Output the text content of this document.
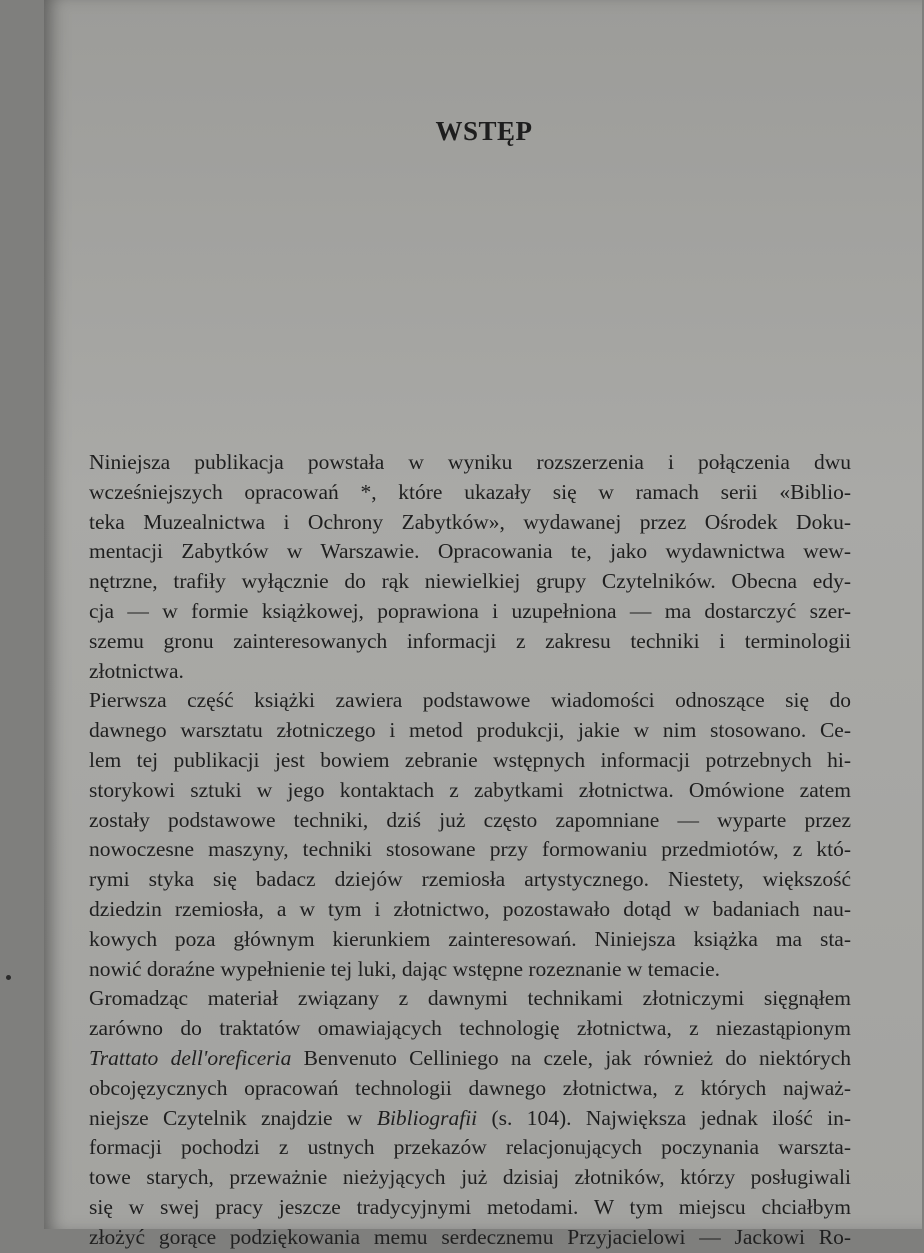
WSTĘP

Niniejsza publikacja powstała w wyniku rozszerzenia i połączenia dwu
wcześniejszych opracowań *, które ukazały się w ramach serii «Biblio-
teka Muzealnictwa i Ochrony Zabytków», wydawanej przez Ośrodek Doku-
mentacji Zabytków w Warszawie. Opracowania te, jako wydawnictwa wew-
nętrzne, trafiły wyłącznie do rąk niewielkiej grupy Czytelników. Obecna edy-
cja — w formie książkowej, poprawiona i uzupełniona — ma dostarczyć szer-
szemu gronu zainteresowanych informacji z zakresu techniki i terminologii
złotnictwa.

Pierwsza część książki zawiera podstawowe wiadomości odnoszące się do
dawnego warsztatu złotniczego i metod produkcji, jakie w nim stosowano. Ce-
lem tej publikacji jest bowiem zebranie wstępnych informacji potrzebnych hi-
storykowi sztuki w jego kontaktach z zabytkami złotnictwa. Omówione zatem
zostały podstawowe techniki, dziś już często zapomniane — wyparte przez
nowoczesne maszyny, techniki stosowane przy formowaniu przedmiotów, z któ-
rymi styka się badacz dziejów rzemiosła artystycznego. Niestety, większość
dziedzin rzemiosła, a w tym i złotnictwo, pozostawało dotąd w badaniach nau-
kowych poza głównym kierunkiem zainteresowań. Niniejsza książka ma sta-
nowić doraźne wypełnienie tej luki, dając wstępne rozeznanie w temacie.

Gromadząc materiał związany z dawnymi technikami złotniczymi sięgnąłem
zarówno do traktatów omawiających technologię złotnictwa, z niezastąpionym
Trattato dell'oreficeria Benvenuto Celliniego na czele, jak również do niektórych
obcojęzycznych opracowań technologii dawnego złotnictwa, z których najważ-
niejsze Czytelnik znajdzie w Bibliografii (s. 104). Największa jednak ilość in-
formacji pochodzi z ustnych przekazów relacjonujących poczynania warszta-
towe starych, przeważnie nieżyjących już dzisiaj złotników, którzy posługiwali
się w swej pracy jeszcze tradycyjnymi metodami. W tym miejscu chciałbym
złożyć gorące podziękowania memu serdecznemu Przyjacielowi — Jackowi Ro-
